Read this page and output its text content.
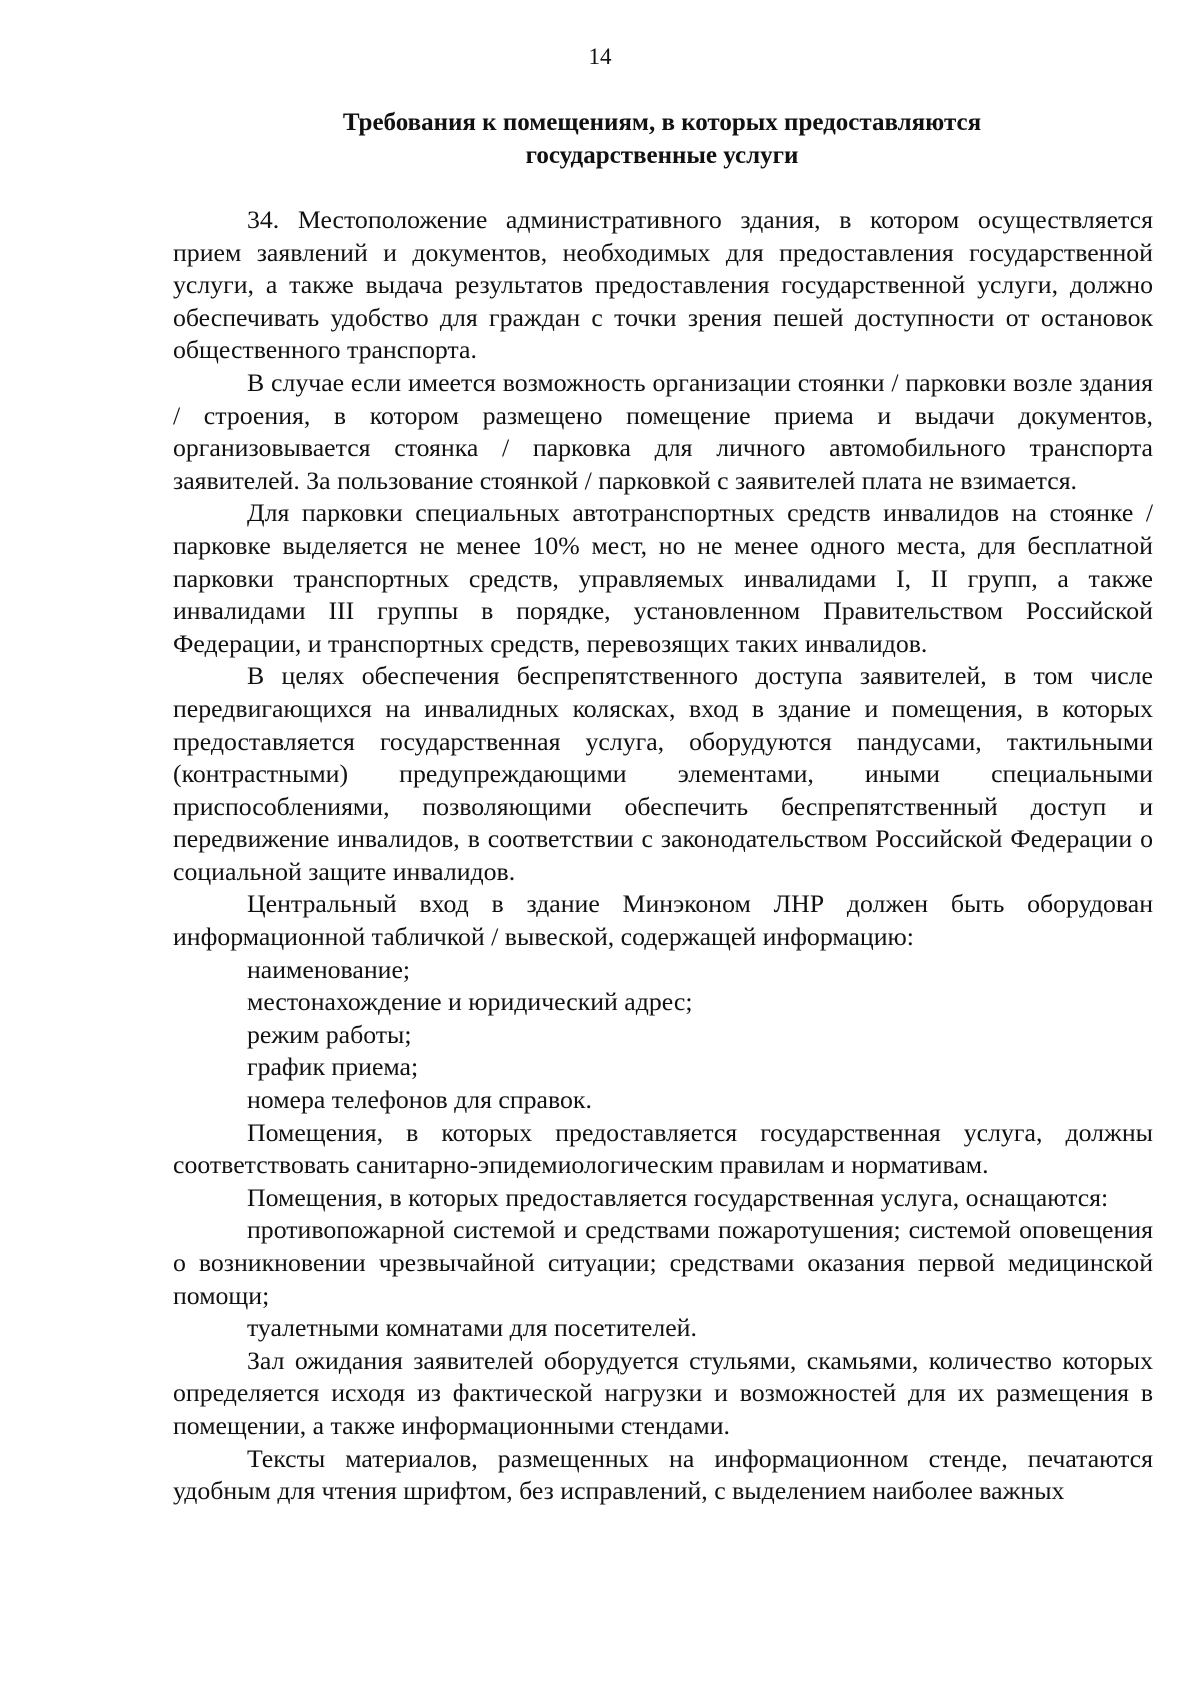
14
Требования к помещениям, в которых предоставляются
государственные услуги

34. Местоположение административного здания, в котором осуществляется прием заявлений и документов, необходимых для предоставления государственной услуги, а также выдача результатов предоставления государственной услуги, должно обеспечивать удобство для граждан с точки зрения пешей доступности от остановок общественного транспорта.

В случае если имеется возможность организации стоянки / парковки возле здания / строения, в котором размещено помещение приема и выдачи документов, организовывается стоянка / парковка для личного автомобильного транспорта заявителей. За пользование стоянкой / парковкой с заявителей плата не взимается.

Для парковки специальных автотранспортных средств инвалидов на стоянке / парковке выделяется не менее 10% мест, но не менее одного места, для бесплатной парковки транспортных средств, управляемых инвалидами I, II групп, а также инвалидами III группы в порядке, установленном Правительством Российской Федерации, и транспортных средств, перевозящих таких инвалидов.

В целях обеспечения беспрепятственного доступа заявителей, в том числе передвигающихся на инвалидных колясках, вход в здание и помещения, в которых предоставляется государственная услуга, оборудуются пандусами, тактильными (контрастными) предупреждающими элементами, иными специальными приспособлениями, позволяющими обеспечить беспрепятственный доступ и передвижение инвалидов, в соответствии с законодательством Российской Федерации о социальной защите инвалидов.

Центральный вход в здание Минэконом ЛНР должен быть оборудован информационной табличкой / вывеской, содержащей информацию:

наименование;

местонахождение и юридический адрес;

режим работы;

график приема;

номера телефонов для справок.

Помещения, в которых предоставляется государственная услуга, должны соответствовать санитарно-эпидемиологическим правилам и нормативам.

Помещения, в которых предоставляется государственная услуга, оснащаются:

противопожарной системой и средствами пожаротушения; системой оповещения о возникновении чрезвычайной ситуации; средствами оказания первой медицинской помощи;

туалетными комнатами для посетителей.

Зал ожидания заявителей оборудуется стульями, скамьями, количество которых определяется исходя из фактической нагрузки и возможностей для их размещения в помещении, а также информационными стендами.

Тексты материалов, размещенных на информационном стенде, печатаются удобным для чтения шрифтом, без исправлений, с выделением наиболее важных
